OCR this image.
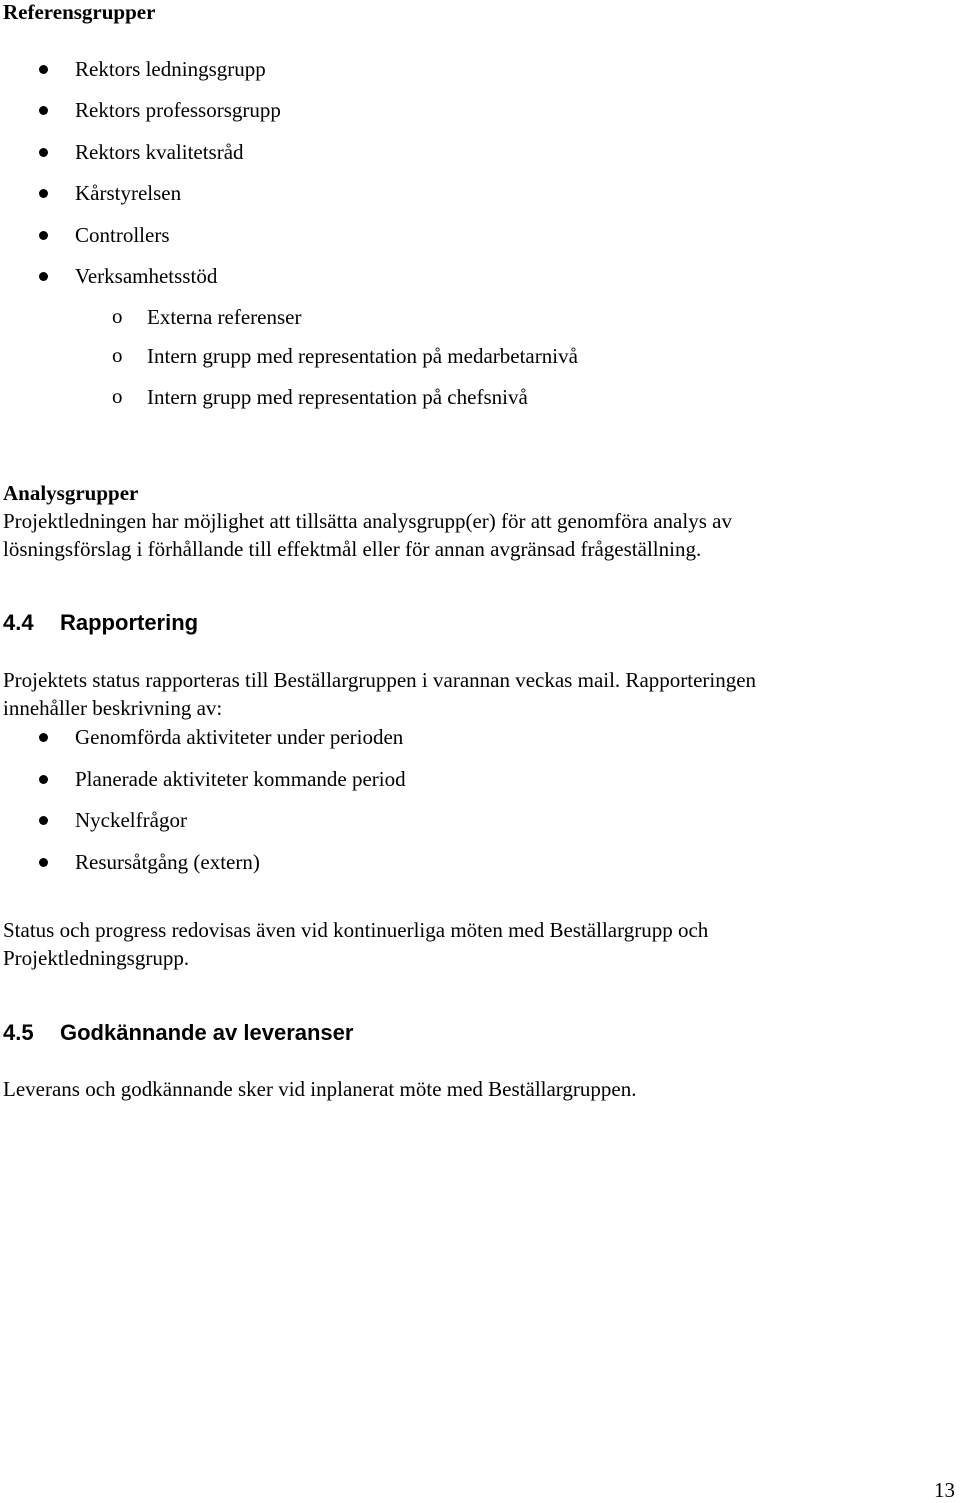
Referensgrupper
Rektors ledningsgrupp
Rektors professorsgrupp
Rektors kvalitetsråd
Kårstyrelsen
Controllers
Verksamhetsstöd
o Externa referenser
o Intern grupp med representation på medarbetarnivå
o Intern grupp med representation på chefsnivå
Analysgrupper
Projektledningen har möjlighet att tillsätta analysgrupp(er) för att genomföra analys av
lösningsförslag i förhållande till effektmål eller för annan avgränsad frågeställning.
4.4 Rapportering
Projektets status rapporteras till Beställargruppen i varannan veckas mail. Rapporteringen
innehåller beskrivning av:
Genomförda aktiviteter under perioden
Planerade aktiviteter kommande period
Nyckelfrågor
Resursåtgång (extern)
Status och progress redovisas även vid kontinuerliga möten med Beställargrupp och
Projektledningsgrupp.
4.5 Godkännande av leveranser
Leverans och godkännande sker vid inplanerat möte med Beställargruppen.
13
